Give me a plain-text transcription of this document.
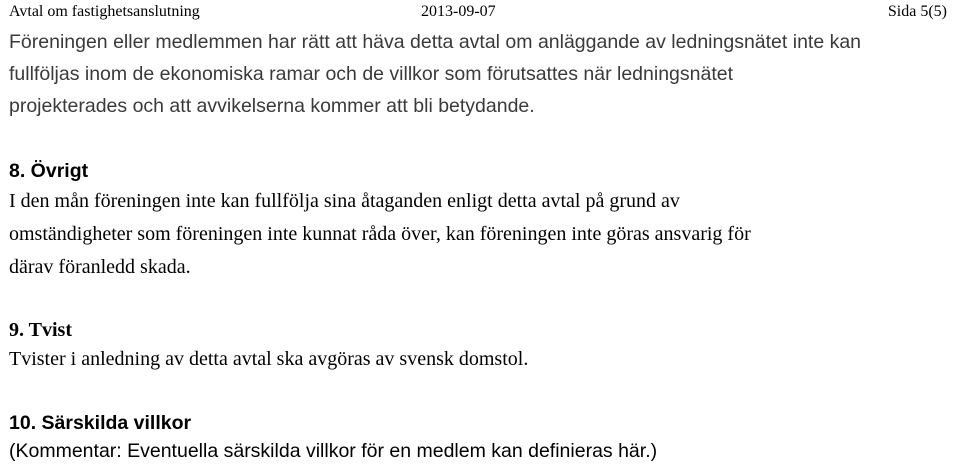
Avtal om fastighetsanslutning	2013-09-07	Sida 5(5)
Föreningen eller medlemmen har rätt att häva detta avtal om anläggande av ledningsnätet inte kan
fullföljas inom de ekonomiska ramar och de villkor som förutsattes när ledningsnätet
projekterades och att avvikelserna kommer att bli betydande.
8. Övrigt
I den mån föreningen inte kan fullfölja sina åtaganden enligt detta avtal på grund av
omständigheter som föreningen inte kunnat råda över, kan föreningen inte göras ansvarig för
därav föranledd skada.
9. Tvist
Tvister i anledning av detta avtal ska avgöras av svensk domstol.
10. Särskilda villkor
(Kommentar: Eventuella särskilda villkor för en medlem kan definieras här.)
